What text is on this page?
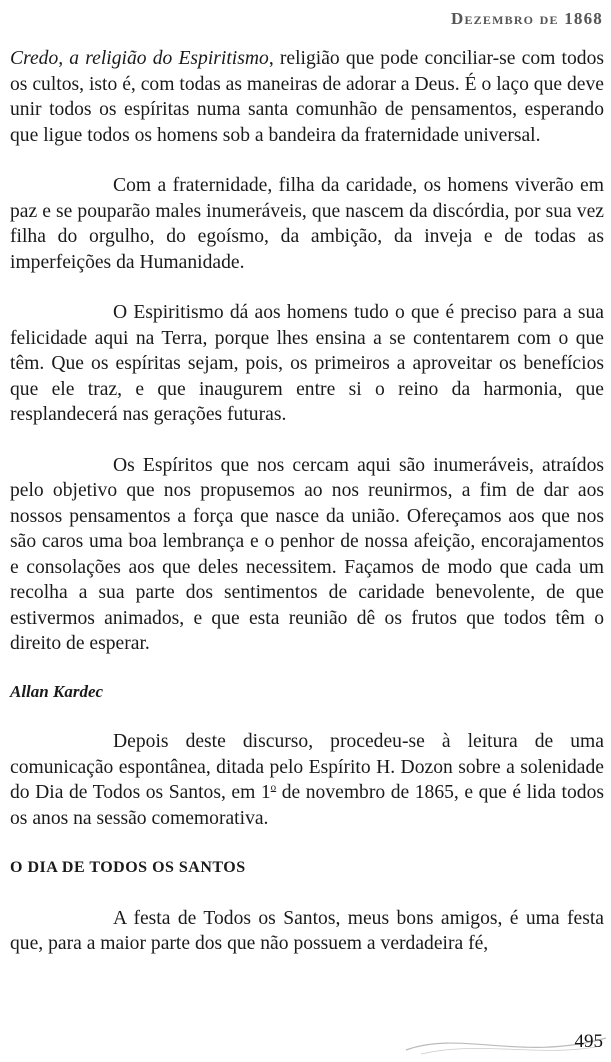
Dezembro de 1868

Credo, a religião do Espiritismo, religião que pode conciliar-se com todos os cultos, isto é, com todas as maneiras de adorar a Deus. É o laço que deve unir todos os espíritas numa santa comunhão de pensamentos, esperando que ligue todos os homens sob a bandeira da fraternidade universal.

Com a fraternidade, filha da caridade, os homens viverão em paz e se pouparão males inumeráveis, que nascem da discórdia, por sua vez filha do orgulho, do egoísmo, da ambição, da inveja e de todas as imperfeições da Humanidade.

O Espiritismo dá aos homens tudo o que é preciso para a sua felicidade aqui na Terra, porque lhes ensina a se contentarem com o que têm. Que os espíritas sejam, pois, os primeiros a aproveitar os benefícios que ele traz, e que inaugurem entre si o reino da harmonia, que resplandecerá nas gerações futuras.

Os Espíritos que nos cercam aqui são inumeráveis, atraídos pelo objetivo que nos propusemos ao nos reunirmos, a fim de dar aos nossos pensamentos a força que nasce da união. Ofereçamos aos que nos são caros uma boa lembrança e o penhor de nossa afeição, encorajamentos e consolações aos que deles necessitem. Façamos de modo que cada um recolha a sua parte dos sentimentos de caridade benevolente, de que estivermos animados, e que esta reunião dê os frutos que todos têm o direito de esperar.

Allan Kardec

Depois deste discurso, procedeu-se à leitura de uma comunicação espontânea, ditada pelo Espírito H. Dozon sobre a solenidade do Dia de Todos os Santos, em 1$^o$ de novembro de 1865, e que é lida todos os anos na sessão comemorativa.

O DIA DE TODOS OS SANTOS

A festa de Todos os Santos, meus bons amigos, é uma festa que, para a maior parte dos que não possuem a verdadeira fé,

495
